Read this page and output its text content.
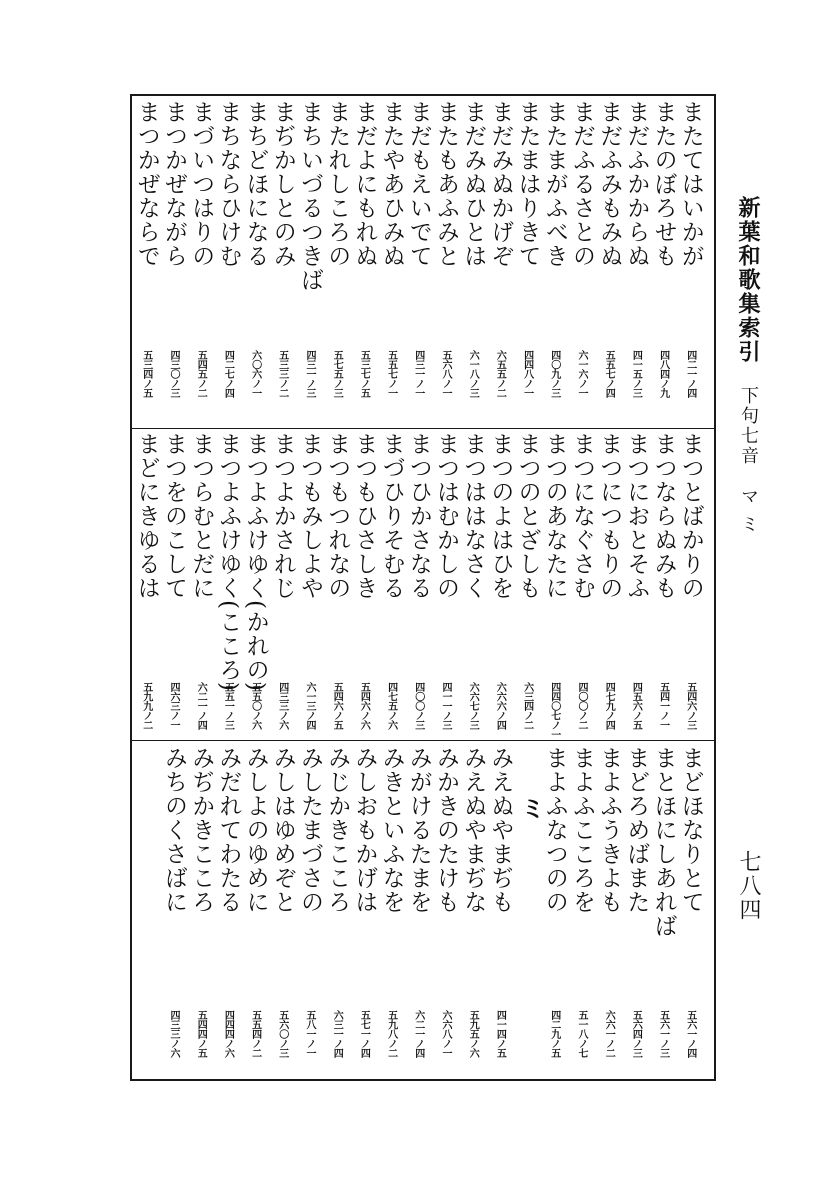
新葉和歌集索引 下句七音 マ ミ
七八四
またてはいかが
四二一ノ四
またのぼろせも
四八四ノ九
まだふかからぬ
四一五ノ三
まだふみもみぬ
五五七ノ四
まだふるさとの
六一六ノ一
またまがふべき
四〇九ノ三
またまはりきて
四四八ノ一
まだみぬかげぞ
六五五ノ二
まだみぬひとは
六一八ノ三
またもあふみと
五六八ノ一
まだもえいでて
四三一ノ一
またやあひみぬ
五五七ノ一
まだよにもれぬ
五三七ノ五
またれしころの
五七五ノ三
まちいづるつきば
四三一ノ三
まぢかしとのみ
五三三ノ二
まちどほになる
六〇六ノ一
まちならひけむ
四二七ノ四
まづいつはりの
五四五ノ二
まつかぜながら
四三〇ノ三
まつかぜならで
五三四ノ五
まつとばかりの
五四六ノ三
まつならぬみも
五四一ノ一
まつにおとそふ
四五六ノ五
まつにつもりの
四七九ノ四
まつになぐさむ
四〇〇ノ二
まつのあなたに
四四〇七ノ一
まつのとざしも
六三四ノ二
まつのよはひを
六六六ノ四
まつははなさく
六六七ノ三
まつはむかしの
四一一ノ三
まつひかさなる
四〇〇ノ三
まづひりそむる
四七五ノ六
まつもひさしき
五四六ノ六
まつもつれなの
五四六ノ五
まつもみしよや
六一三ノ四
まつよかされじ
四三三ノ六
まつよふけゆく(かれの)
五五〇ノ六
まつよふけゆく(こころ)
五五一ノ三
まつらむとだに
六二一ノ四
まつをのこして
四六三ノ一
まどにきゆるは
五九九ノ二
まどほなりとて
五六一ノ四
まとほにしあれば
五六一ノ三
まどろめばまた
五六四ノ三
まよふうきよも
六六一ノ二
まよふこころを
五一八ノ七
まよふなつのの
四二九ノ五
ミ
みえぬやまぢも
四一四ノ五
みえぬやまぢな
五九五ノ六
みかきのたけも
六六八ノ一
みがけるたまを
六二一ノ四
みきといふなを
五九八ノ二
みしおもかげは
五七一ノ四
みじかきこころ
六三一ノ四
みしたまづさの
五八一ノ一
みしはゆめぞと
五六〇ノ三
みしよのゆめに
五五四ノ二
みだれてわたる
四四四ノ六
みぢかきこころ
五四四ノ五
みちのくさばに
四三三ノ六
